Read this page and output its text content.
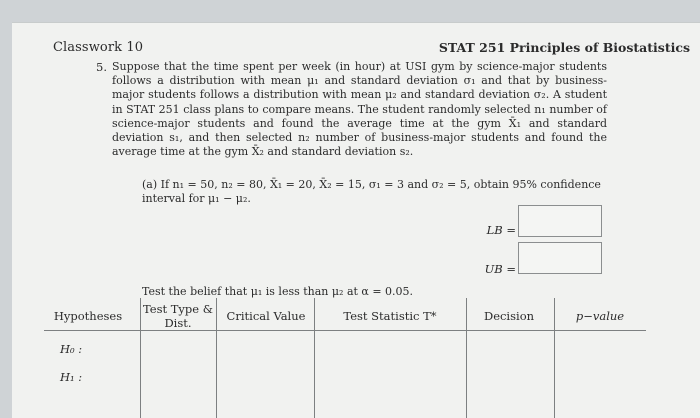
Classwork 10	STAT 251 Principles of Biostatistics
5. Suppose that the time spent per week (in hour) at USI gym by science-major students follows a distribution with mean μ₁ and standard deviation σ₁ and that by business-major students follows a distribution with mean μ₂ and standard deviation σ₂. A student in STAT 251 class plans to compare means. The student randomly selected n₁ number of science-major students and found the average time at the gym X̄₁ and standard deviation s₁, and then selected n₂ number of business-major students and found the average time at the gym X̄₂ and standard deviation s₂.
(a) If n₁ = 50, n₂ = 80, X̄₁ = 20, X̄₂ = 15, σ₁ = 3 and σ₂ = 5, obtain 95% confidence interval for μ₁ − μ₂.
LB =
UB =
Test the belief that μ₁ is less than μ₂ at α = 0.05.
Hypotheses	Test Type & Dist.	Critical Value	Test Statistic T*	Decision	p−value
H₀ :
H₁ :
